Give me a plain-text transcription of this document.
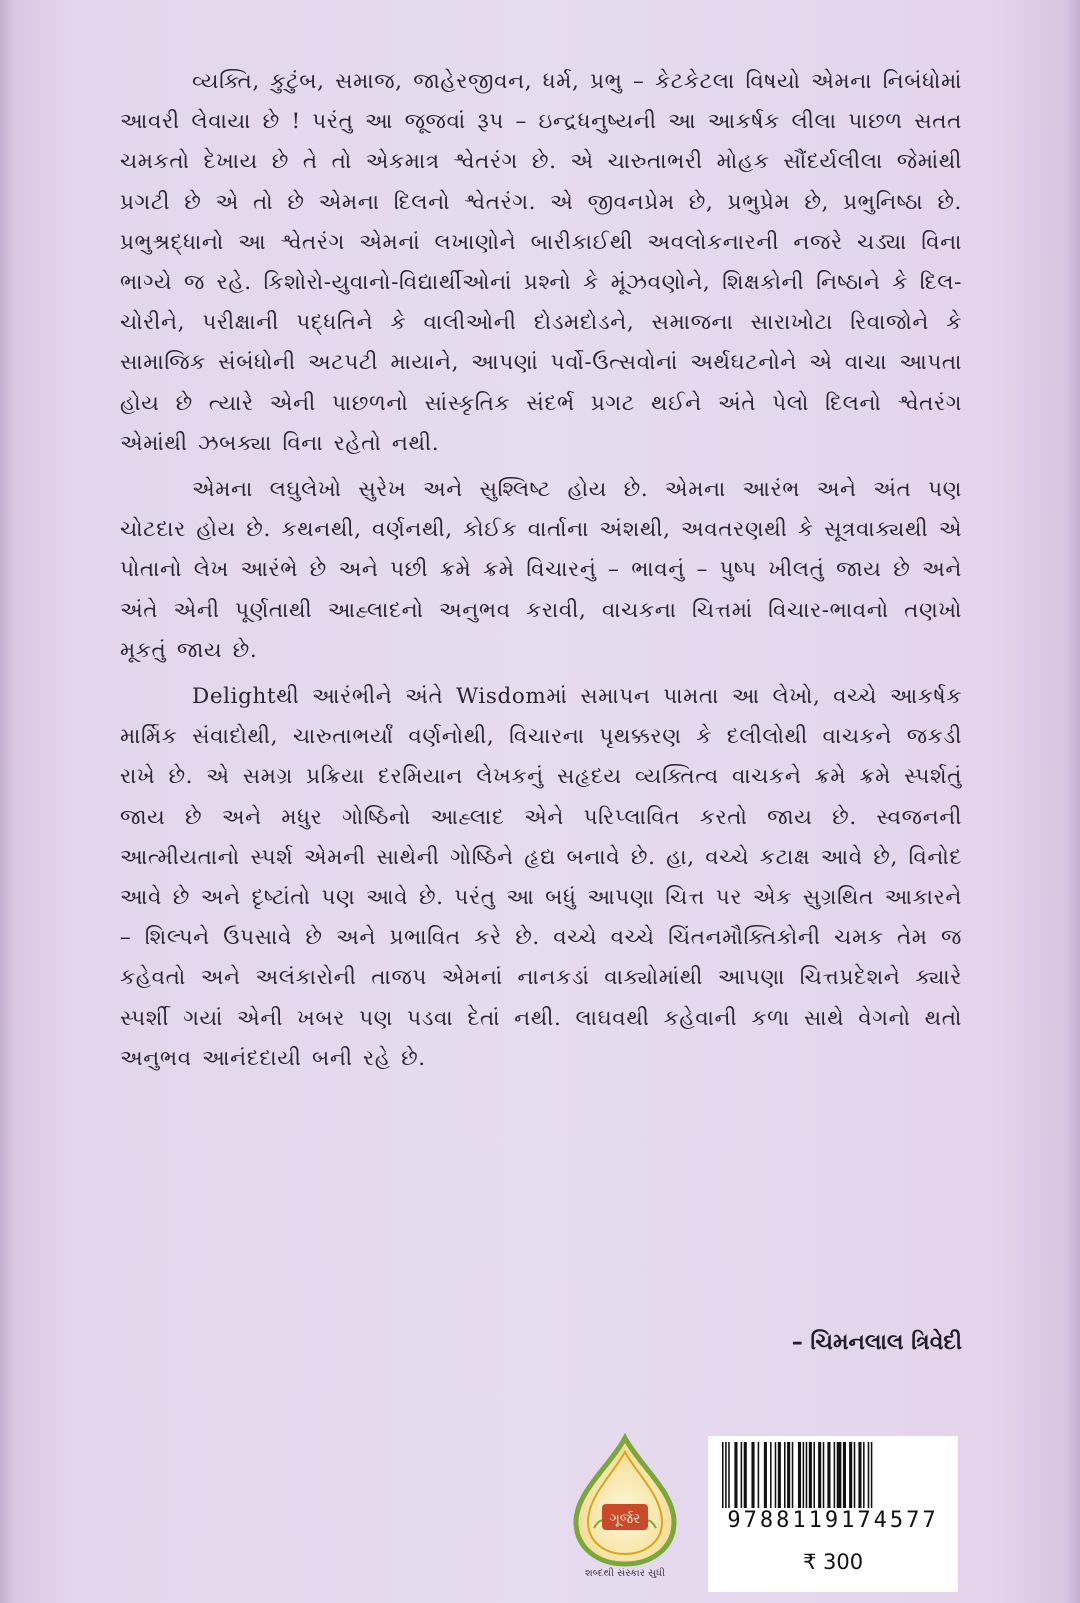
વ્યક્તિ, કુટુંબ, સમાજ, જાહેરજીવન, ધર્મ, પ્રભુ – કેટકેટલા વિષયો એમના નિબંધોમાં આવરી લેવાયા છે ! પરંતુ આ જૂજવાં રૂપ – ઇન્દ્રધનુષ્યની આ આકર્ષક લીલા પાછળ સતત ચમકતો દેખાય છે તે તો એકમાત્ર શ્વેતરંગ છે. એ ચારુતાભરી મોહક સૌંદર્યલીલા જેમાંથી પ્રગટી છે એ તો છે એમના દિલનો શ્વેતરંગ. એ જીવનપ્રેમ છે, પ્રભુપ્રેમ છે, પ્રભુનિષ્ઠા છે. પ્રભુશ્રદ્ધાનો આ શ્વેતરંગ એમનાં લખાણોને બારીકાઈથી અવલોકનારની નજરે ચડ્યા વિના ભાગ્યે જ રહે. કિશોરો-યુવાનો-વિદ્યાર્થીઓનાં પ્રશ્નો કે મૂંઝવણોને, શિક્ષકોની નિષ્ઠાને કે દિલ-ચોરીને, પરીક્ષાની પદ્ધતિને કે વાલીઓની દોડમદોડને, સમાજના સારાખોટા રિવાજોને કે સામાજિક સંબંધોની અટપટી માયાને, આપણાં પર્વો-ઉત્સવોનાં અર્થઘટનોને એ વાચા આપતા હોય છે ત્યારે એની પાછળનો સાંસ્કૃતિક સંદર્ભ પ્રગટ થઈને અંતે પેલો દિલનો શ્વેતરંગ એમાંથી ઝબક્યા વિના રહેતો નથી.

એમના લઘુલેખો સુરેખ અને સુશ્લિષ્ટ હોય છે. એમના આરંભ અને અંત પણ ચોટદાર હોય છે. કથનથી, વર્ણનથી, કોઈક વાર્તાના અંશથી, અવતરણથી કે સૂત્રવાક્યથી એ પોતાનો લેખ આરંભે છે અને પછી ક્રમે ક્રમે વિચારનું – ભાવનું – પુષ્પ ખીલતું જાય છે અને અંતે એની પૂર્ણતાથી આહ્લાદનો અનુભવ કરાવી, વાચકના ચિત્તમાં વિચાર-ભાવનો તણખો મૂકતું જાય છે.

Delightથી આરંભીને અંતે Wisdomમાં સમાપન પામતા આ લેખો, વચ્ચે આકર્ષક માર્મિક સંવાદોથી, ચારુતાભર્યાં વર્ણનોથી, વિચારના પૃથક્કરણ કે દલીલોથી વાચકને જકડી રાખે છે. એ સમગ્ર પ્રક્રિયા દરમિયાન લેખકનું સહૃદય વ્યક્તિત્વ વાચકને ક્રમે ક્રમે સ્પર્શતું જાય છે અને મધુર ગોષ્ઠિનો આહ્લાદ એને પરિપ્લાવિત કરતો જાય છે. સ્વજનની આત્મીયતાનો સ્પર્શ એમની સાથેની ગોષ્ઠિને હૃદ્ય બનાવે છે. હા, વચ્ચે કટાક્ષ આવે છે, વિનોદ આવે છે અને દૃષ્ટાંતો પણ આવે છે. પરંતુ આ બધું આપણા ચિત્ત પર એક સુગ્રથિત આકારને – શિલ્પને ઉપસાવે છે અને પ્રભાવિત કરે છે. વચ્ચે વચ્ચે ચિંતનમૌક્તિકોની ચમક તેમ જ કહેવતો અને અલંકારોની તાજપ એમનાં નાનકડાં વાક્યોમાંથી આપણા ચિત્તપ્રદેશને ક્યારે સ્પર્શી ગયાં એની ખબર પણ પડવા દેતાં નથી. લાઘવથી કહેવાની કળા સાથે વેગનો થતો અનુભવ આનંદદાયી બની રહે છે.

– ચિમનલાલ ત્રિવેદી
ગૂર્જર
શબ્દથી સંસ્કાર સુધી
9788119174577
₹ 300
